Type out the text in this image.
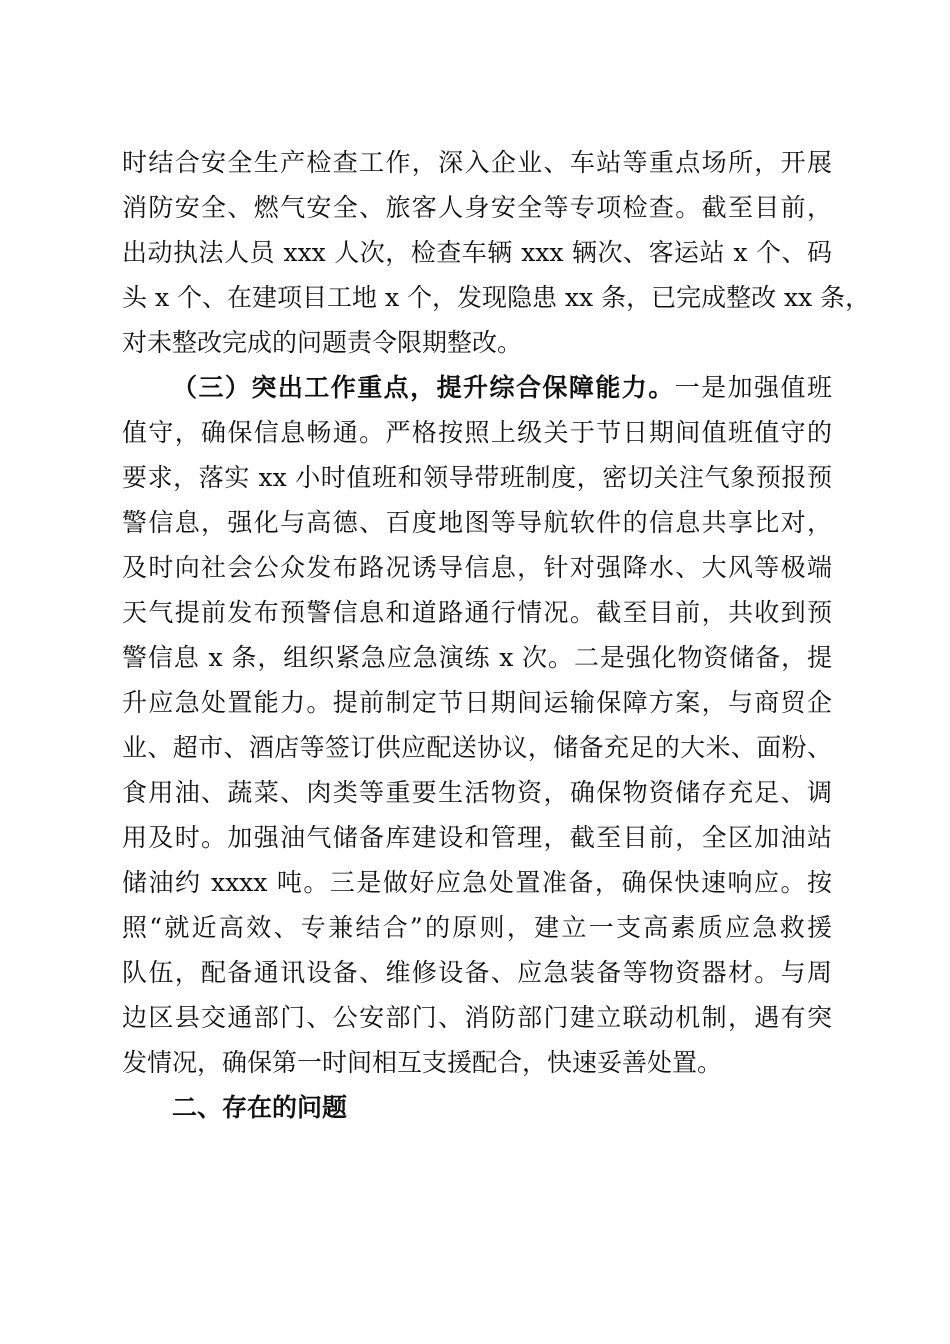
时结合安全生产检查工作，深入企业、车站等重点场所，开展
消防安全、燃气安全、旅客人身安全等专项检查。截至目前，
出动执法人员 xxx 人次，检查车辆 xxx 辆次、客运站 x 个、码
头 x 个、在建项目工地 x 个，发现隐患 xx 条，已完成整改 xx 条，
对未整改完成的问题责令限期整改。
（三）突出工作重点，提升综合保障能力。一是加强值班
值守，确保信息畅通。严格按照上级关于节日期间值班值守的
要求，落实 xx 小时值班和领导带班制度，密切关注气象预报预
警信息，强化与高德、百度地图等导航软件的信息共享比对，
及时向社会公众发布路况诱导信息，针对强降水、大风等极端
天气提前发布预警信息和道路通行情况。截至目前，共收到预
警信息 x 条，组织紧急应急演练 x 次。二是强化物资储备，提
升应急处置能力。提前制定节日期间运输保障方案，与商贸企
业、超市、酒店等签订供应配送协议，储备充足的大米、面粉、
食用油、蔬菜、肉类等重要生活物资，确保物资储存充足、调
用及时。加强油气储备库建设和管理，截至目前，全区加油站
储油约 xxxx 吨。三是做好应急处置准备，确保快速响应。按
照“就近高效、专兼结合”的原则，建立一支高素质应急救援
队伍，配备通讯设备、维修设备、应急装备等物资器材。与周
边区县交通部门、公安部门、消防部门建立联动机制，遇有突
发情况，确保第一时间相互支援配合，快速妥善处置。
二、存在的问题
